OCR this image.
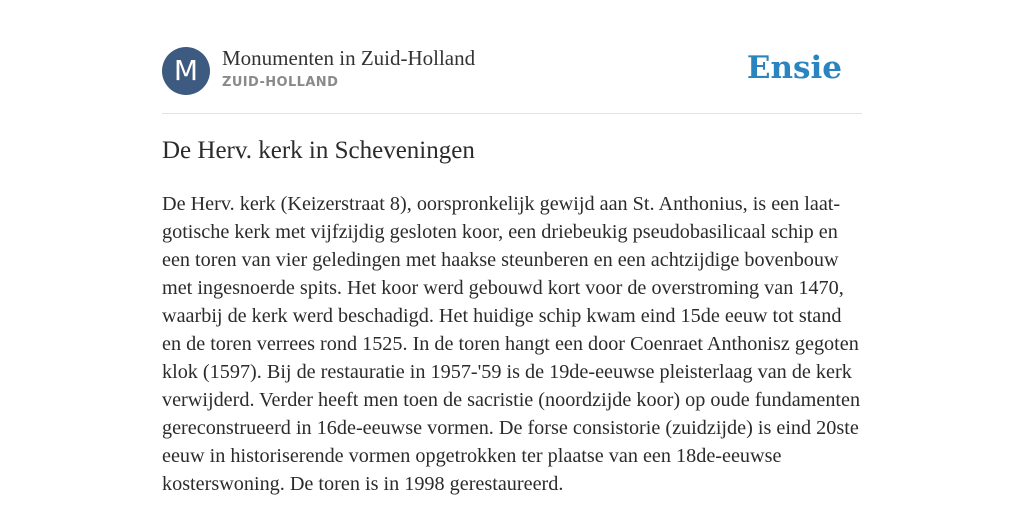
M	Monumenten in Zuid-Holland
ZUID-HOLLAND	Ensie
De Herv. kerk in Scheveningen

De Herv. kerk (Keizerstraat 8), oorspronkelijk gewijd aan St. Anthonius, is een laat-gotische kerk met vijfzijdig gesloten koor, een driebeukig pseudobasilicaal schip en een toren van vier geledingen met haakse steunberen en een achtzijdige bovenbouw met ingesnoerde spits. Het koor werd gebouwd kort voor de overstroming van 1470, waarbij de kerk werd beschadigd. Het huidige schip kwam eind 15de eeuw tot stand en de toren verrees rond 1525. In de toren hangt een door Coenraet Anthonisz gegoten klok (1597). Bij de restauratie in 1957-'59 is de 19de-eeuwse pleisterlaag van de kerk verwijderd. Verder heeft men toen de sacristie (noordzijde koor) op oude fundamenten gereconstrueerd in 16de-eeuwse vormen. De forse consistorie (zuidzijde) is eind 20ste eeuw in historiserende vormen opgetrokken ter plaatse van een 18de-eeuwse kosterswoning. De toren is in 1998 gerestaureerd.
